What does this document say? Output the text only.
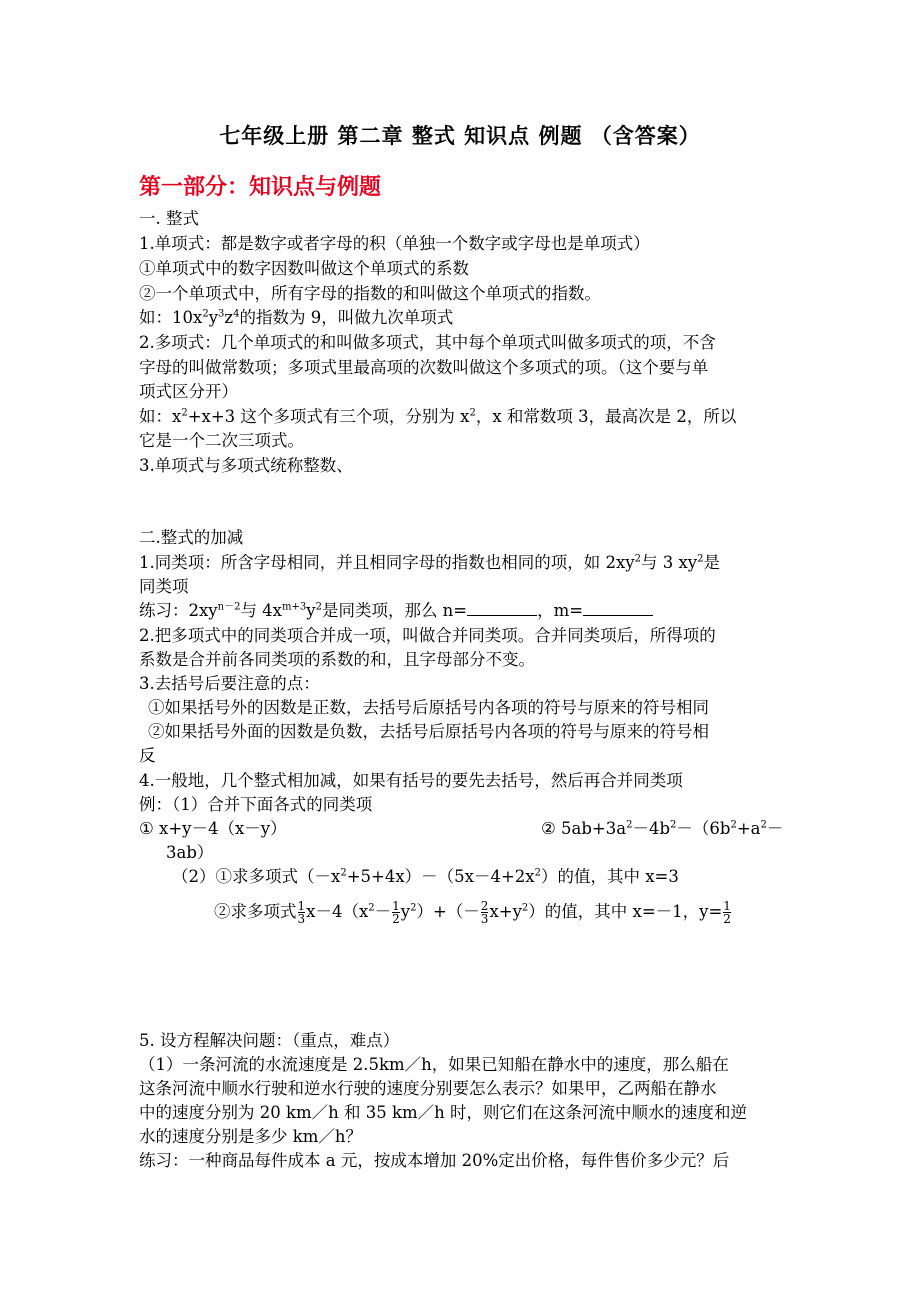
七年级上册 第二章 整式 知识点 例题 （含答案）
第一部分：知识点与例题
一. 整式
1.单项式：都是数字或者字母的积（单独一个数字或字母也是单项式）
①单项式中的数字因数叫做这个单项式的系数
②一个单项式中，所有字母的指数的和叫做这个单项式的指数。
如：$10x^2y^3z^4$的指数为 9，叫做九次单项式
2.多项式：几个单项式的和叫做多项式，其中每个单项式叫做多项式的项，不含
字母的叫做常数项；多项式里最高项的次数叫做这个多项式的项。（这个要与单
项式区分开）
如：$x^2+x+3$ 这个多项式有三个项，分别为 $x^2$，x 和常数项 3，最高次是 2，所以
它是一个二次三项式。
3.单项式与多项式统称整数、
二.整式的加减
1.同类项：所含字母相同，并且相同字母的指数也相同的项，如 $2xy^2$与 3 $xy^2$是
同类项
练习：$2xy^{n-2}$与 $4x^{m+3}y^2$是同类项，那么 n=	，m=
2.把多项式中的同类项合并成一项，叫做合并同类项。合并同类项后，所得项的
系数是合并前各同类项的系数的和，且字母部分不变。
3.去括号后要注意的点：
①如果括号外的因数是正数，去括号后原括号内各项的符号与原来的符号相同
②如果括号外面的因数是负数，去括号后原括号内各项的符号与原来的符号相
反
4.一般地，几个整式相加减，如果有括号的要先去括号，然后再合并同类项
例：（1）合并下面各式的同类项
① x+y－4（x－y）	② $5ab+3a^2-4b^2-(6b^2+a^2-$
3ab）
（2）①求多项式$(-x^2+5+4x)-(5x-4+2x^2)$的值，其中 x=3
②求多项式 $\frac{1}{3} x-4(x^2- \frac{1}{2} y^2)+(- \frac{2}{3} x+y^2)$的值，其中 x=－1，$y= \frac{1}{2}$
5. 设方程解决问题：（重点，难点）
（1）一条河流的水流速度是 2.5km／h，如果已知船在静水中的速度，那么船在
这条河流中顺水行驶和逆水行驶的速度分别要怎么表示？如果甲，乙两船在静水
中的速度分别为 20 km／h 和 35 km／h 时，则它们在这条河流中顺水的速度和逆
水的速度分别是多少 km／h？
练习：一种商品每件成本 a 元，按成本增加 20%定出价格，每件售价多少元？后
